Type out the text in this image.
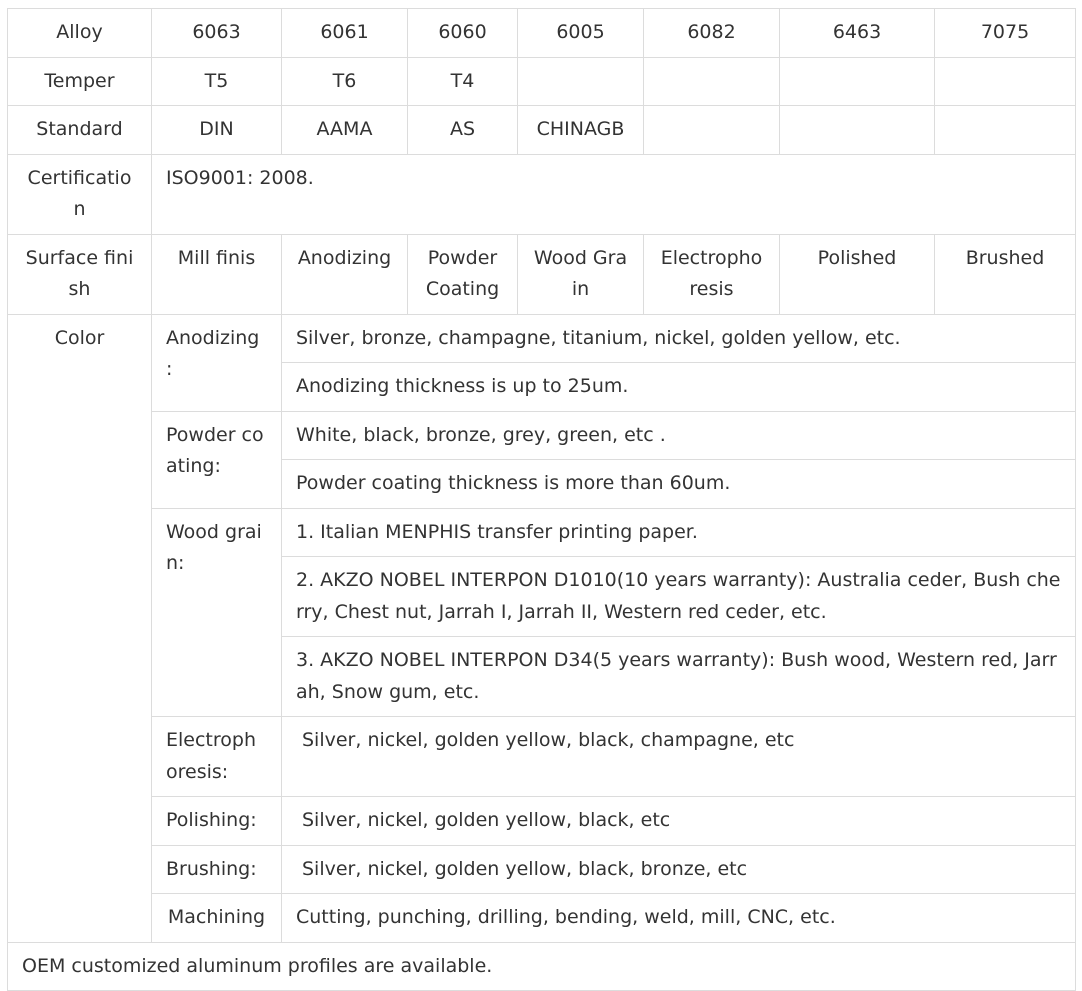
Alloy	6063	6061	6060	6005	6082	6463	7075
Temper	T5	T6	T4				
Standard	DIN	AAMA	AS	CHINAGB			
Certification	ISO9001: 2008.						
Surface finish	Mill finis	Anodizing	Powder Coating	Wood Grain	Electrophoresis	Polished	Brushed
Color	Anodizing :	Silver, bronze, champagne, titanium, nickel, golden yellow, etc.					
		Anodizing thickness is up to 25um.					
	Powder coating:	White, black, bronze, grey, green, etc .					
		Powder coating thickness is more than 60um.					
	Wood grain:	1. Italian MENPHIS transfer printing paper.					
		2. AKZO NOBEL INTERPON D1010(10 years warranty): Australia ceder, Bush cherry, Chest nut, Jarrah I, Jarrah II, Western red ceder, etc.					
		3. AKZO NOBEL INTERPON D34(5 years warranty): Bush wood, Western red, Jarrah, Snow gum, etc.					
	Electrophoresis:	Silver, nickel, golden yellow, black, champagne, etc					
	Polishing:	Silver, nickel, golden yellow, black, etc					
	Brushing:	Silver, nickel, golden yellow, black, bronze, etc					
	Machining	Cutting, punching, drilling, bending, weld, mill, CNC, etc.					
OEM customized aluminum profiles are available.							
